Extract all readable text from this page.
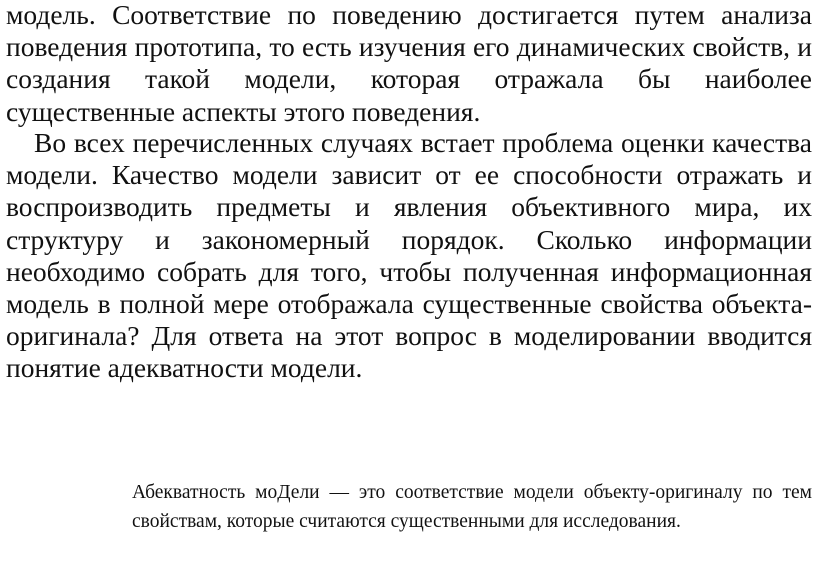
модель. Соответствие по поведению достигается путем анализа поведения прототипа, то есть изучения его динамических свойств, и создания такой модели, которая отражала бы наиболее существенные аспекты этого поведения.

Во всех перечисленных случаях встает проблема оценки качества модели. Качество модели зависит от ее способности отражать и воспроизводить предметы и явления объективного мира, их структуру и закономерный порядок. Сколько информации необходимо собрать для того, чтобы полученная информационная модель в полной мере отображала существенные свойства объекта-оригинала? Для ответа на этот вопрос в моделировании вводится понятие адекватности модели.

Абекватность моДели — это соответствие модели объекту-оригиналу по тем свойствам, которые считаются существенными для исследования.
